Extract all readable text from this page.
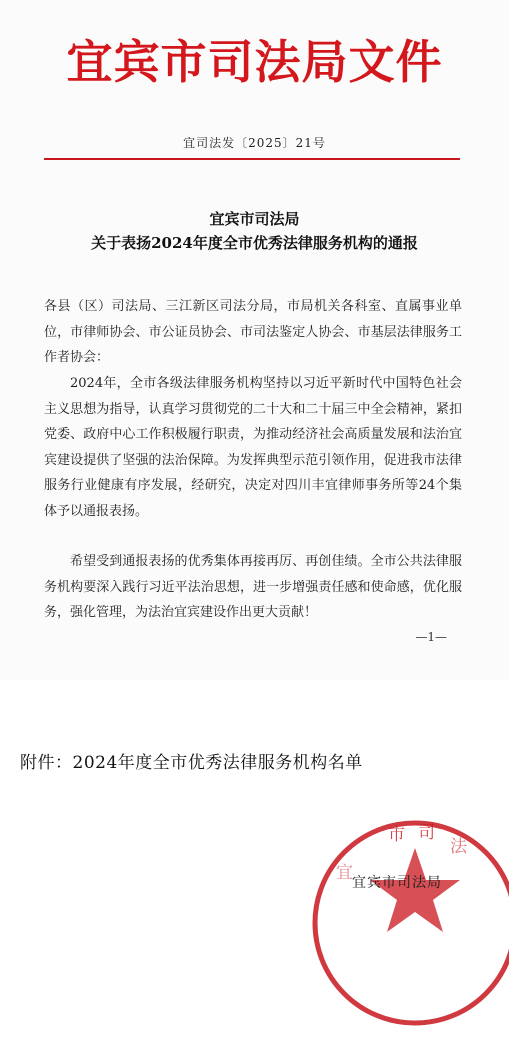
宜宾市司法局文件
宜司法发〔2025〕21号
宜宾市司法局
关于表扬2024年度全市优秀法律服务机构的通报
各县（区）司法局、三江新区司法分局，市局机关各科室、直属事业单位，市律师协会、市公证员协会、市司法鉴定人协会、市基层法律服务工作者协会：
2024年，全市各级法律服务机构坚持以习近平新时代中国特色社会主义思想为指导，认真学习贯彻党的二十大和二十届三中全会精神，紧扣党委、政府中心工作积极履行职责，为推动经济社会高质量发展和法治宜宾建设提供了坚强的法治保障。为发挥典型示范引领作用，促进我市法律服务行业健康有序发展，经研究，决定对四川丰宜律师事务所等24个集体予以通报表扬。
希望受到通报表扬的优秀集体再接再厉、再创佳绩。全市公共法律服务机构要深入践行习近平法治思想，进一步增强责任感和使命感，优化服务，强化管理，为法治宜宾建设作出更大贡献！
—1—
附件：2024年度全市优秀法律服务机构名单
市 司
法
宜 宜宾市司法局
